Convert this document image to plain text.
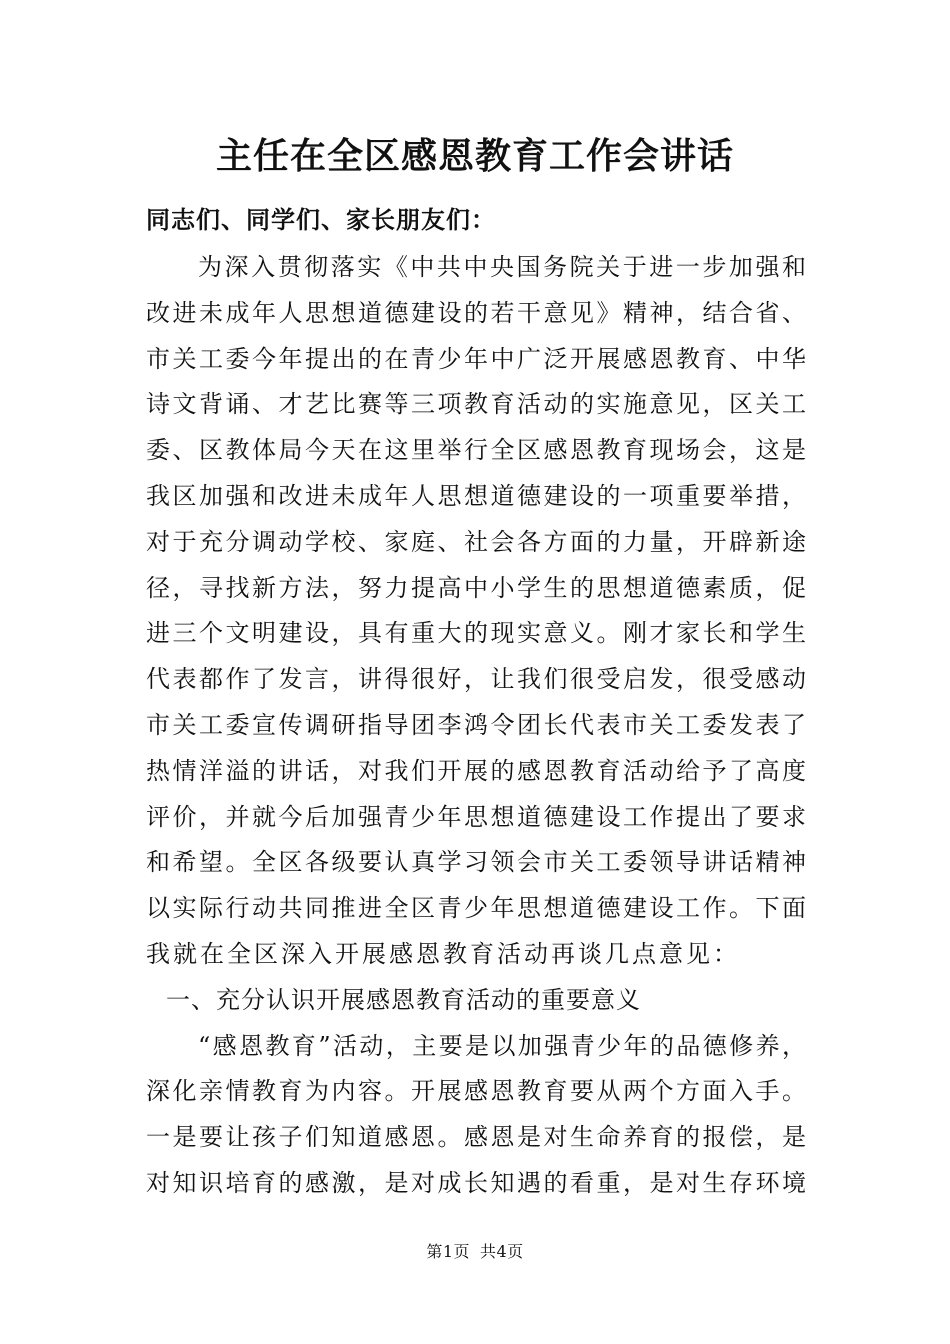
主任在全区感恩教育工作会讲话

同志们、同学们、家长朋友们：

为深入贯彻落实《中共中央国务院关于进一步加强和
改进未成年人思想道德建设的若干意见》精神，结合省、
市关工委今年提出的在青少年中广泛开展感恩教育、中华
诗文背诵、才艺比赛等三项教育活动的实施意见，区关工
委、区教体局今天在这里举行全区感恩教育现场会，这是
我区加强和改进未成年人思想道德建设的一项重要举措，
对于充分调动学校、家庭、社会各方面的力量，开辟新途
径，寻找新方法，努力提高中小学生的思想道德素质，促
进三个文明建设，具有重大的现实意义。刚才家长和学生
代表都作了发言，讲得很好，让我们很受启发，很受感动
市关工委宣传调研指导团李鸿令团长代表市关工委发表了
热情洋溢的讲话，对我们开展的感恩教育活动给予了高度
评价，并就今后加强青少年思想道德建设工作提出了要求
和希望。全区各级要认真学习领会市关工委领导讲话精神
以实际行动共同推进全区青少年思想道德建设工作。下面
我就在全区深入开展感恩教育活动再谈几点意见：
一、充分认识开展感恩教育活动的重要意义
“感恩教育”活动，主要是以加强青少年的品德修养，
深化亲情教育为内容。开展感恩教育要从两个方面入手。
一是要让孩子们知道感恩。感恩是对生命养育的报偿，是
对知识培育的感激，是对成长知遇的看重，是对生存环境
第1页 共4页
